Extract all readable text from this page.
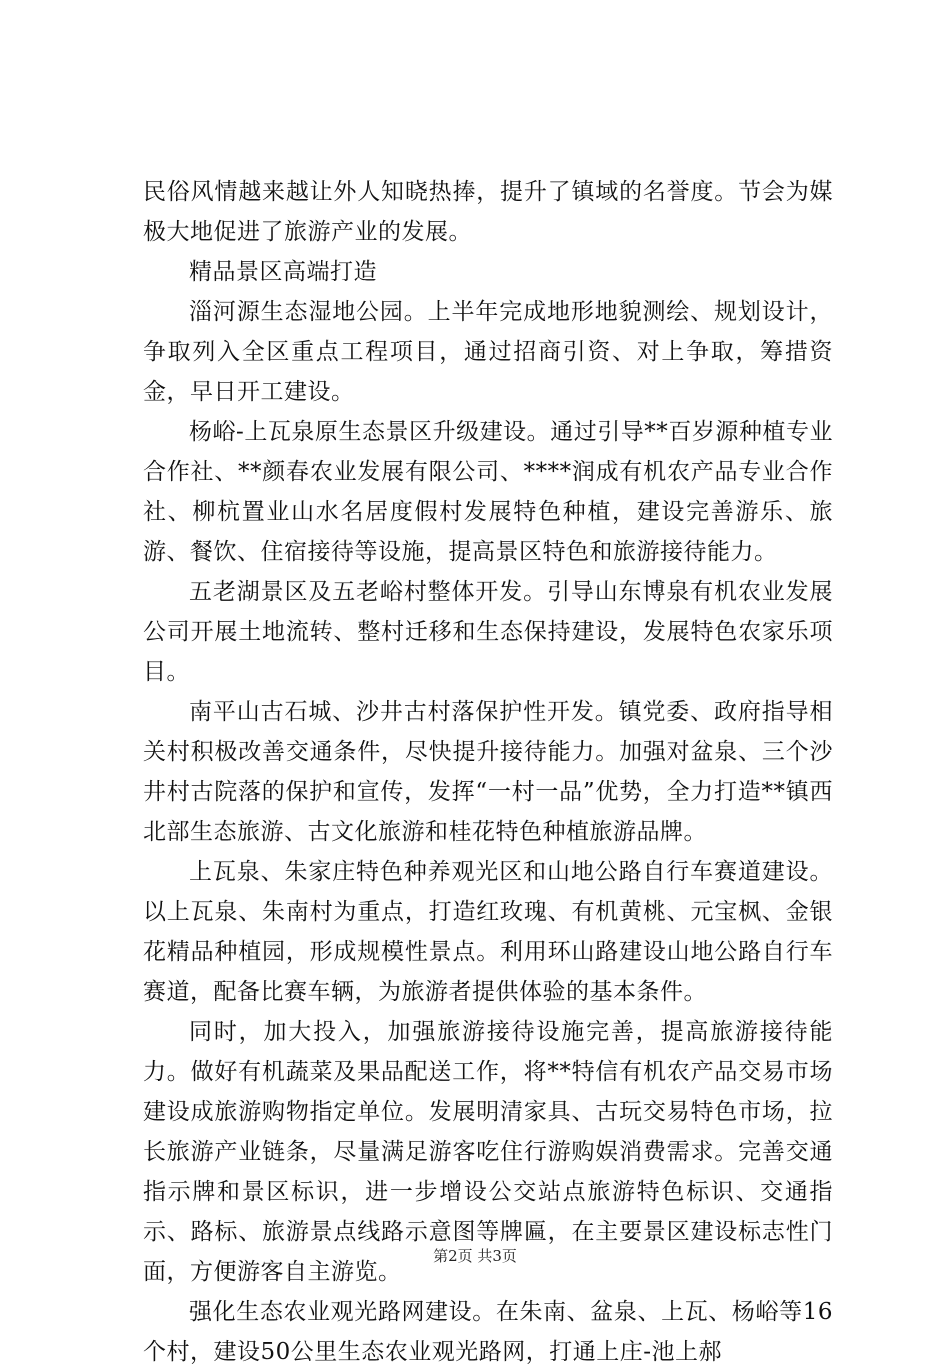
民俗风情越来越让外人知晓热捧，提升了镇域的名誉度。节会为媒极大地促进了旅游产业的发展。

精品景区高端打造

淄河源生态湿地公园。上半年完成地形地貌测绘、规划设计，争取列入全区重点工程项目，通过招商引资、对上争取，筹措资金，早日开工建设。

杨峪-上瓦泉原生态景区升级建设。通过引导**百岁源种植专业合作社、**颜春农业发展有限公司、****润成有机农产品专业合作社、柳杭置业山水名居度假村发展特色种植，建设完善游乐、旅游、餐饮、住宿接待等设施，提高景区特色和旅游接待能力。

五老湖景区及五老峪村整体开发。引导山东博泉有机农业发展公司开展土地流转、整村迁移和生态保持建设，发展特色农家乐项目。

南平山古石城、沙井古村落保护性开发。镇党委、政府指导相关村积极改善交通条件，尽快提升接待能力。加强对盆泉、三个沙井村古院落的保护和宣传，发挥“一村一品”优势，全力打造**镇西北部生态旅游、古文化旅游和桂花特色种植旅游品牌。

上瓦泉、朱家庄特色种养观光区和山地公路自行车赛道建设。以上瓦泉、朱南村为重点，打造红玫瑰、有机黄桃、元宝枫、金银花精品种植园，形成规模性景点。利用环山路建设山地公路自行车赛道，配备比赛车辆，为旅游者提供体验的基本条件。

同时，加大投入，加强旅游接待设施完善，提高旅游接待能力。做好有机蔬菜及果品配送工作，将**特信有机农产品交易市场建设成旅游购物指定单位。发展明清家具、古玩交易特色市场，拉长旅游产业链条，尽量满足游客吃住行游购娱消费需求。完善交通指示牌和景区标识，进一步增设公交站点旅游特色标识、交通指示、路标、旅游景点线路示意图等牌匾，在主要景区建设标志性门面，方便游客自主游览。

强化生态农业观光路网建设。在朱南、盆泉、上瓦、杨峪等16个村，建设50公里生态农业观光路网，打通上庄-池上郝

第2页 共3页
